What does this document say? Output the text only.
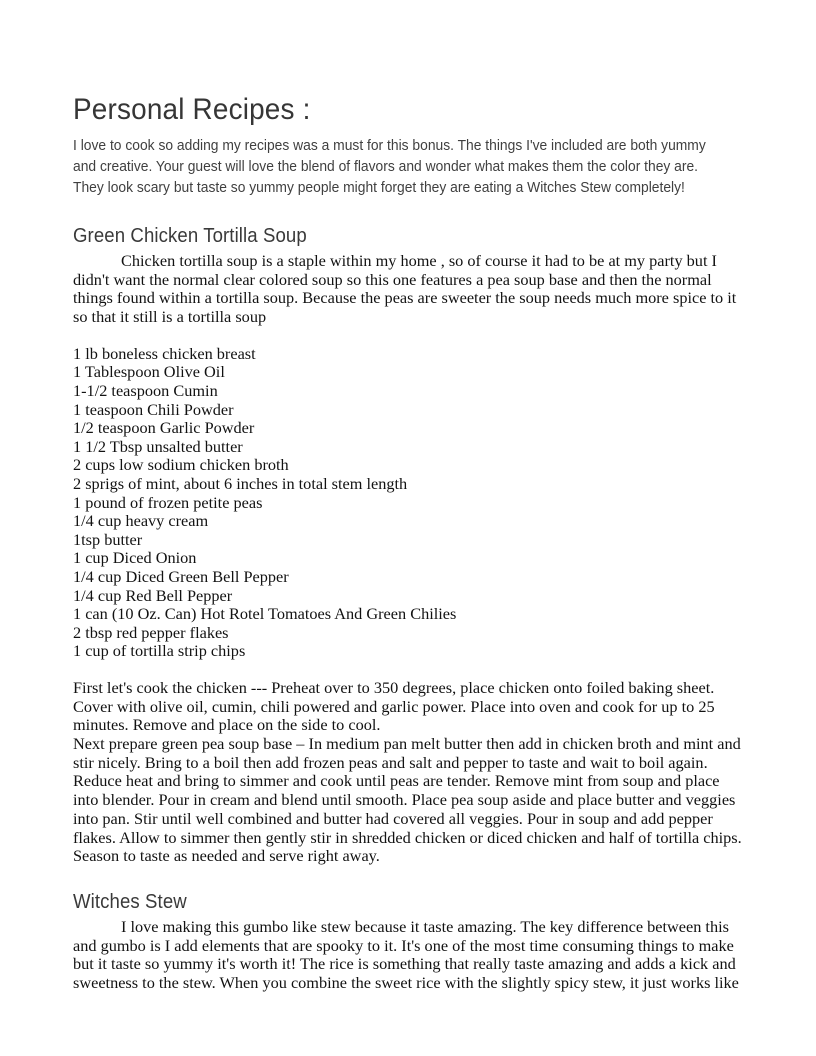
Personal Recipes :

I love to cook so adding my recipes was a must for this bonus. The things I've included are both yummy and creative. Your guest will love the blend of flavors and wonder what makes them the color they are. They look scary but taste so yummy people might forget they are eating a Witches Stew completely!

Green Chicken Tortilla Soup

Chicken tortilla soup is a staple within my home , so of course it had to be at my party but I didn't want the normal clear colored soup so this one features a pea soup base and then the normal things found within a tortilla soup. Because the peas are sweeter the soup needs much more spice to it so that it still is a tortilla soup

1 lb boneless chicken breast
1 Tablespoon Olive Oil
1-1/2 teaspoon Cumin
1 teaspoon Chili Powder
1/2 teaspoon Garlic Powder
1 1/2 Tbsp unsalted butter
2 cups low sodium chicken broth
2 sprigs of mint, about 6 inches in total stem length
1 pound of frozen petite peas
1/4 cup heavy cream
1tsp butter
1 cup Diced Onion
1/4 cup Diced Green Bell Pepper
1/4 cup Red Bell Pepper
1 can (10 Oz. Can) Hot Rotel Tomatoes And Green Chilies
2 tbsp red pepper flakes
1 cup of tortilla strip chips

First let's cook the chicken --- Preheat over to 350 degrees, place chicken onto foiled baking sheet. Cover with olive oil, cumin, chili powered and garlic power. Place into oven and cook for up to 25 minutes. Remove and place on the side to cool.

Next prepare green pea soup base – In medium pan melt butter then add in chicken broth and mint and stir nicely. Bring to a boil then add frozen peas and salt and pepper to taste and wait to boil again. Reduce heat and bring to simmer and cook until peas are tender. Remove mint from soup and place into blender. Pour in cream and blend until smooth. Place pea soup aside and place butter and veggies into pan. Stir until well combined and butter had covered all veggies. Pour in soup and add pepper flakes. Allow to simmer then gently stir in shredded chicken or diced chicken and half of tortilla chips. Season to taste as needed and serve right away.

Witches Stew

I love making this gumbo like stew because it taste amazing. The key difference between this and gumbo is I add elements that are spooky to it. It's one of the most time consuming things to make but it taste so yummy it's worth it! The rice is something that really taste amazing and adds a kick and sweetness to the stew. When you combine the sweet rice with the slightly spicy stew, it just works like
